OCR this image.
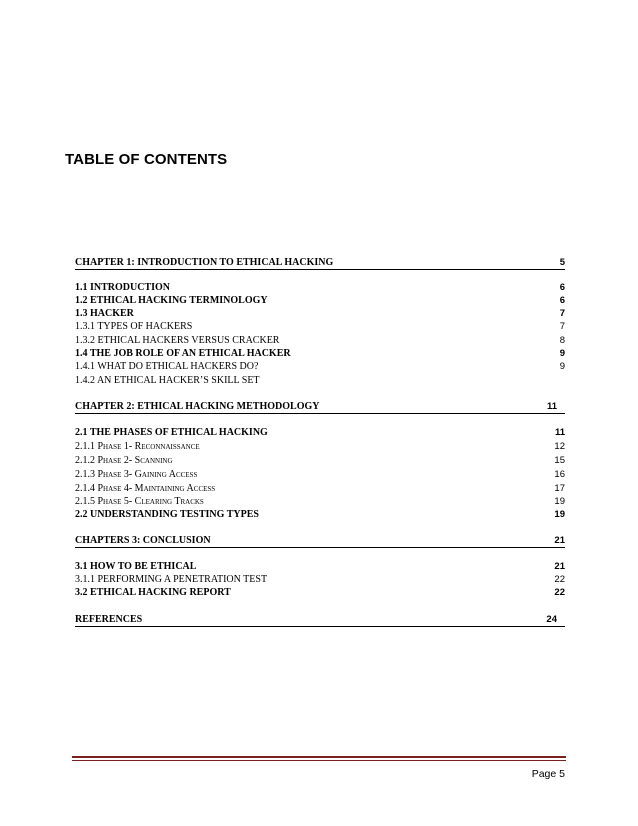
TABLE OF CONTENTS
CHAPTER 1: INTRODUCTION TO ETHICAL HACKING	5
1.1 INTRODUCTION	6
1.2 ETHICAL HACKING TERMINOLOGY	6
1.3 HACKER	7
1.3.1 TYPES OF HACKERS	7
1.3.2 ETHICAL HACKERS VERSUS CRACKER	8
1.4 THE JOB ROLE OF AN ETHICAL HACKER	9
1.4.1 WHAT DO ETHICAL HACKERS DO?	9
1.4.2 AN ETHICAL HACKER’S SKILL SET
CHAPTER 2: ETHICAL HACKING METHODOLOGY	11
2.1 THE PHASES OF ETHICAL HACKING	11
2.1.1 Phase 1- Reconnaissance	12
2.1.2 Phase 2- Scanning	15
2.1.3 Phase 3- Gaining Access	16
2.1.4 Phase 4- Maintaining Access	17
2.1.5 Phase 5- Clearing Tracks	19
2.2 UNDERSTANDING TESTING TYPES	19
CHAPTERS 3: CONCLUSION	21
3.1 HOW TO BE ETHICAL	21
3.1.1 PERFORMING A PENETRATION TEST	22
3.2 ETHICAL HACKING REPORT	22
REFERENCES	24
Page 5
